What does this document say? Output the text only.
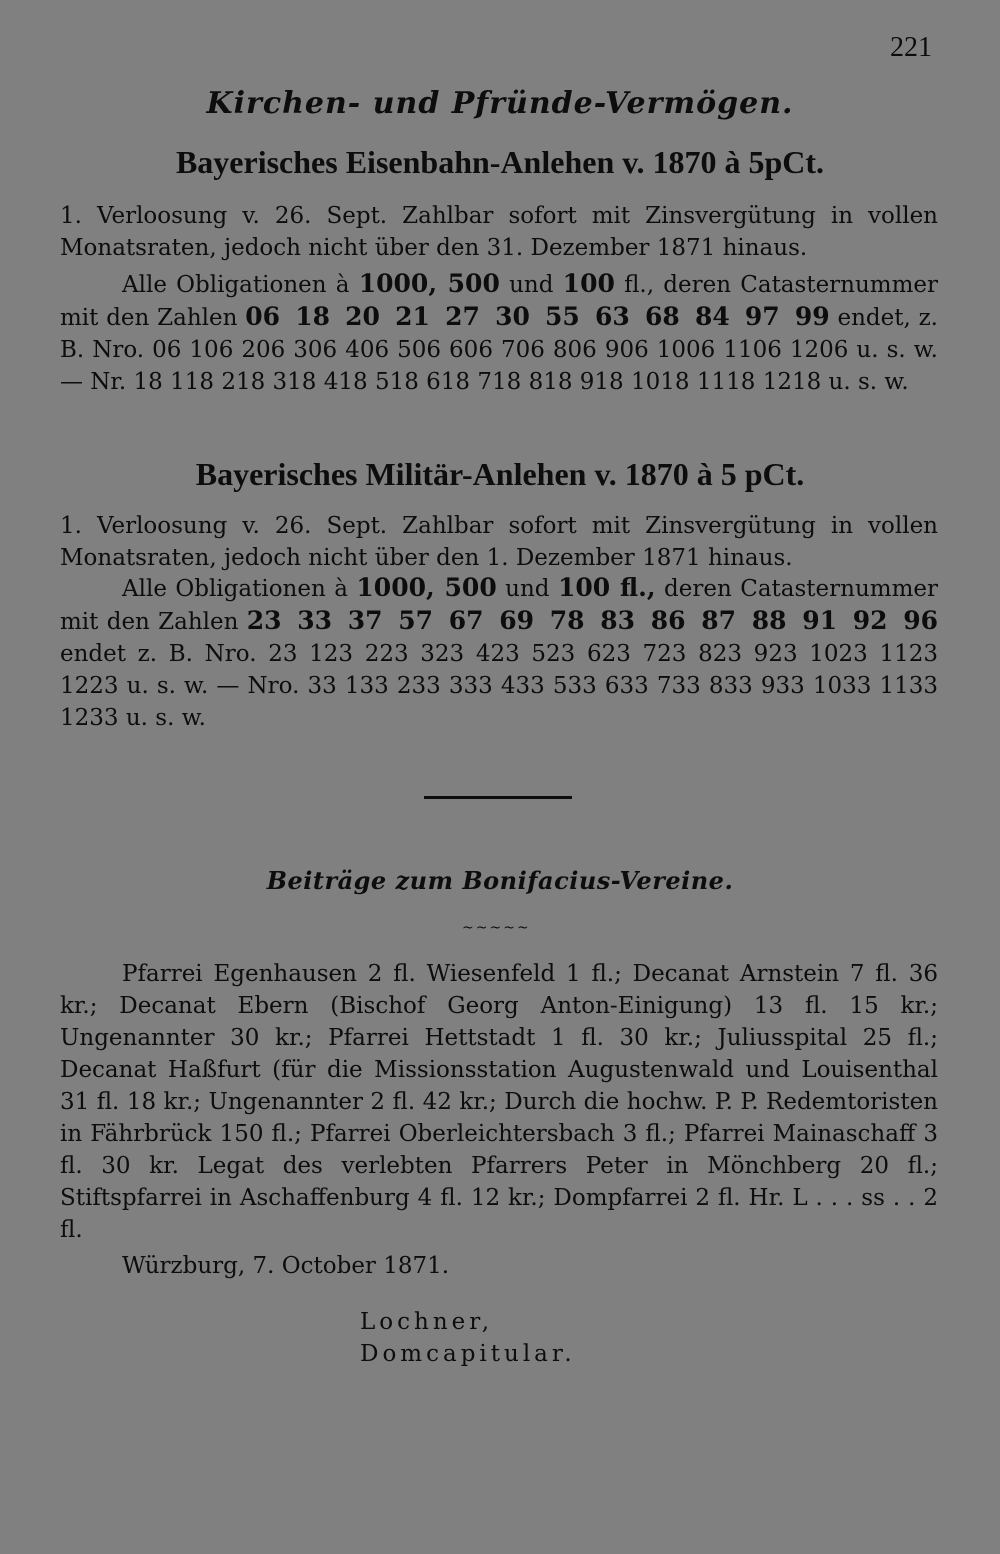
221
Kirchen- und Pfründe-Vermögen.
Bayerisches Eisenbahn-Anlehen v. 1870 à 5pCt.
1. Verloosung v. 26. Sept. Zahlbar sofort mit Zinsvergütung in vollen Monatsraten, jedoch nicht über den 31. Dezember 1871 hinaus.
Alle Obligationen à 1000, 500 und 100 fl., deren Catasternummer mit den Zahlen 06 18 20 21 27 30 55 63 68 84 97 99 endet, z. B. Nro. 06 106 206 306 406 506 606 706 806 906 1006 1106 1206 u. s. w. — Nr. 18 118 218 318 418 518 618 718 818 918 1018 1118 1218 u. s. w.
Bayerisches Militär-Anlehen v. 1870 à 5 pCt.
1. Verloosung v. 26. Sept. Zahlbar sofort mit Zinsvergütung in vollen Monatsraten, jedoch nicht über den 1. Dezember 1871 hinaus.
Alle Obligationen à 1000, 500 und 100 fl., deren Catasternummer mit den Zahlen 23 33 37 57 67 69 78 83 86 87 88 91 92 96 endet z. B. Nro. 23 123 223 323 423 523 623 723 823 923 1023 1123 1223 u. s. w. — Nro. 33 133 233 333 433 533 633 733 833 933 1033 1133 1233 u. s. w.
Beiträge zum Bonifacius-Vereine.
~~~~~
Pfarrei Egenhausen 2 fl. Wiesenfeld 1 fl.; Decanat Arnstein 7 fl. 36 kr.; Decanat Ebern (Bischof Georg Anton-Einigung) 13 fl. 15 kr.; Ungenannter 30 kr.; Pfarrei Hettstadt 1 fl. 30 kr.; Juliusspital 25 fl.; Decanat Haßfurt (für die Missionsstation Augustenwald und Louisenthal 31 fl. 18 kr.; Ungenannter 2 fl. 42 kr.; Durch die hochw. P. P. Redemtoristen in Fährbrück 150 fl.; Pfarrei Oberleichtersbach 3 fl.; Pfarrei Mainaschaff 3 fl. 30 kr. Legat des verlebten Pfarrers Peter in Mönchberg 20 fl.; Stiftspfarrei in Aschaffenburg 4 fl. 12 kr.; Dompfarrei 2 fl. Hr. L . . . ss . . 2 fl.
Würzburg, 7. October 1871.
Lochner, Domcapitular.
